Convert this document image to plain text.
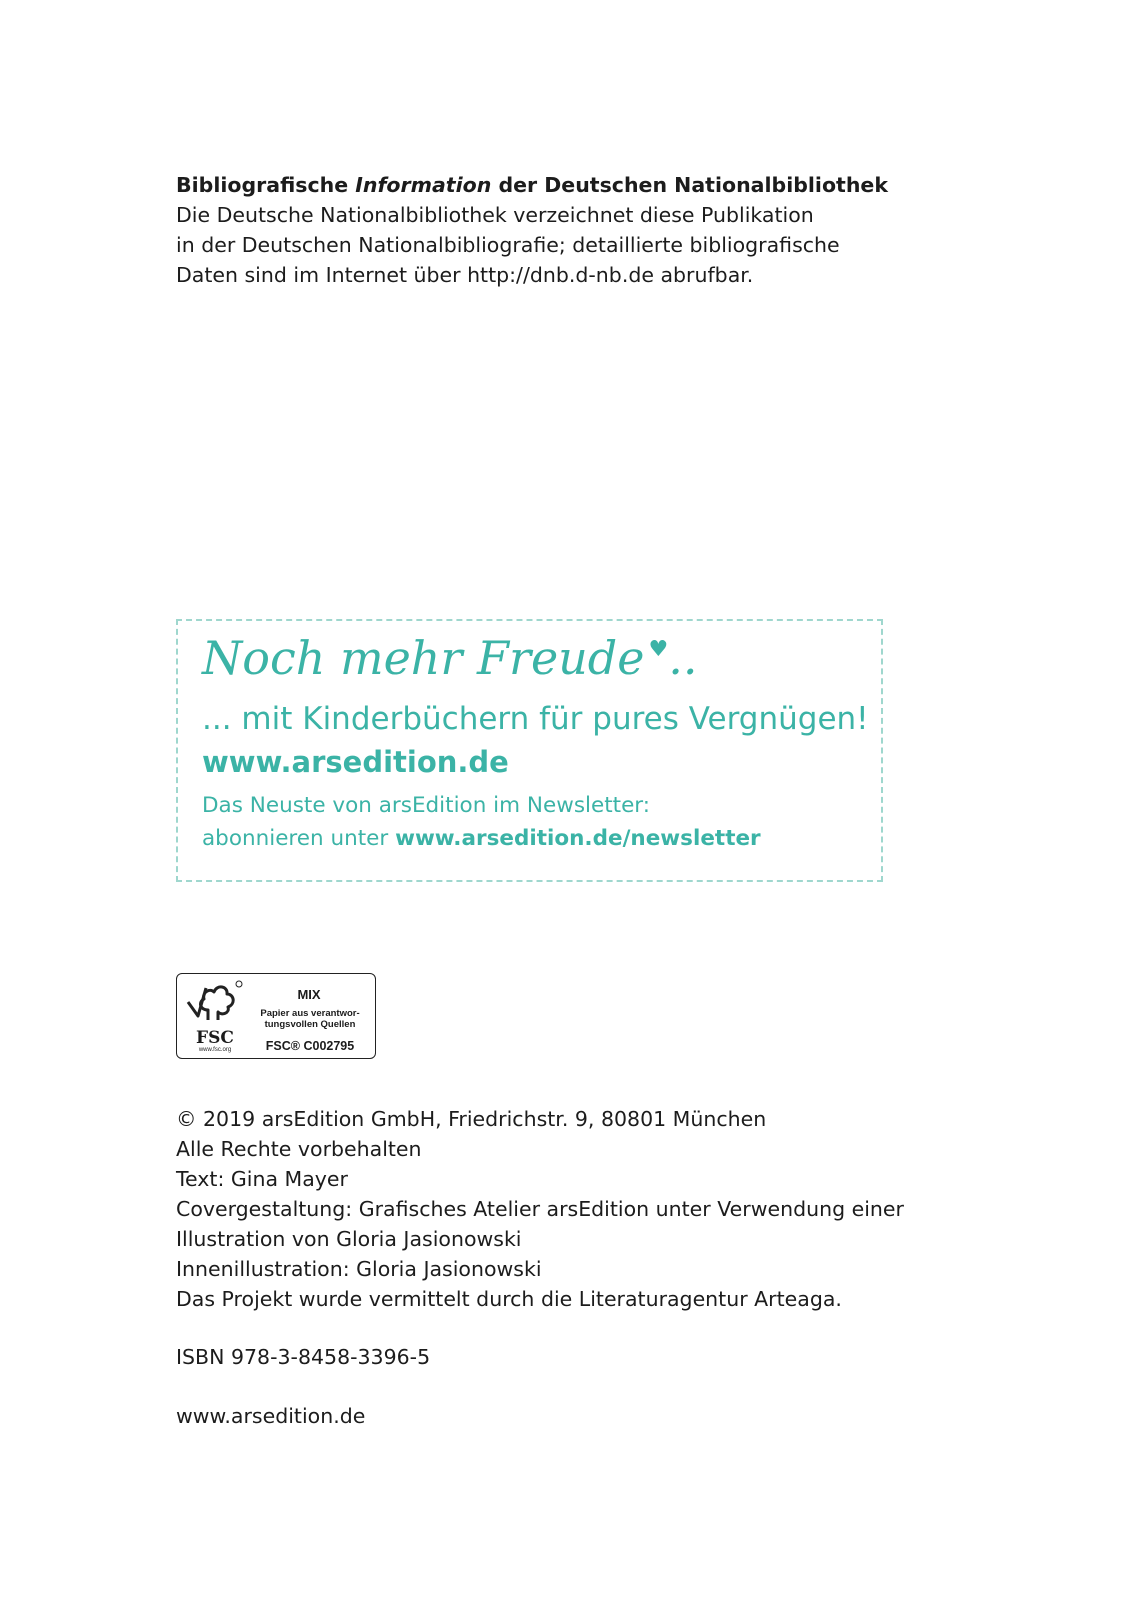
Bibliografische Information der Deutschen Nationalbibliothek
Die Deutsche Nationalbibliothek verzeichnet diese Publikation
in der Deutschen Nationalbibliografie; detaillierte bibliografische
Daten sind im Internet über http://dnb.d-nb.de abrufbar.
Noch mehr Freude ♥..
... mit Kinderbüchern für pures Vergnügen!
www.arsedition.de
Das Neuste von arsEdition im Newsletter:
abonnieren unter www.arsedition.de/newsletter
FSC
www.fsc.org
MIX
Papier aus verantwor-
tungsvollen Quellen
FSC® C002795
© 2019 arsEdition GmbH, Friedrichstr. 9, 80801 München
Alle Rechte vorbehalten
Text: Gina Mayer
Covergestaltung: Grafisches Atelier arsEdition unter Verwendung einer
Illustration von Gloria Jasionowski
Innenillustration: Gloria Jasionowski
Das Projekt wurde vermittelt durch die Literaturagentur Arteaga.
ISBN 978-3-8458-3396-5
www.arsedition.de
